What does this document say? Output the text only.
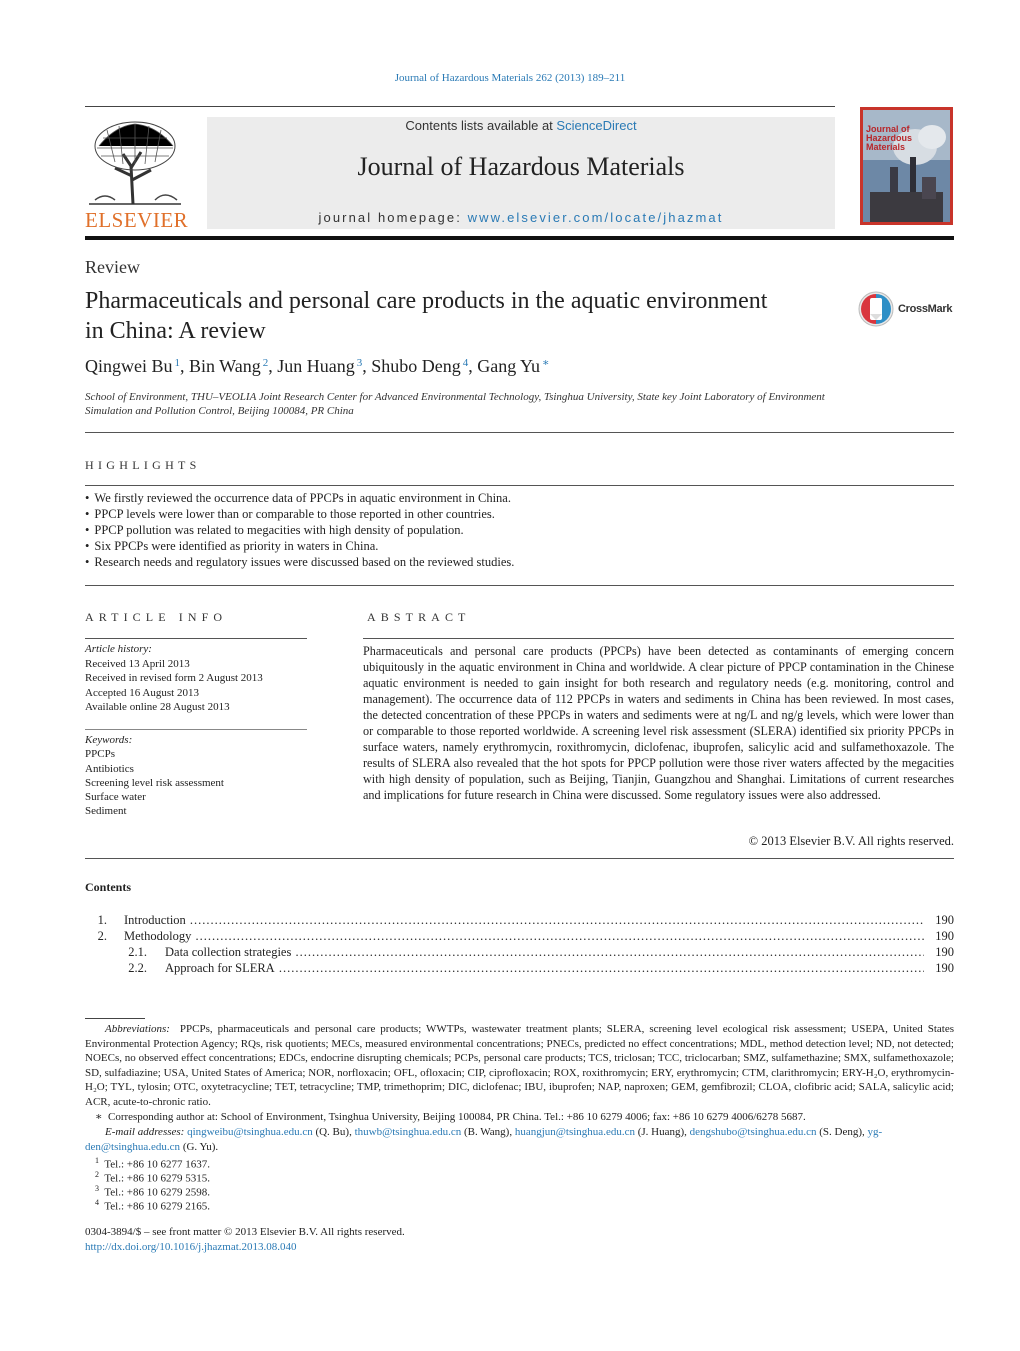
Journal of Hazardous Materials 262 (2013) 189–211
ELSEVIER
Contents lists available at ScienceDirect
Journal of Hazardous Materials
journal homepage: www.elsevier.com/locate/jhazmat
Journal of Hazardous Materials
Review
Pharmaceuticals and personal care products in the aquatic environment in China: A review
CrossMark
Qingwei Bu $^1$, Bin Wang $^2$, Jun Huang $^3$, Shubo Deng $^4$, Gang Yu ∗
School of Environment, THU–VEOLIA Joint Research Center for Advanced Environmental Technology, Tsinghua University, State key Joint Laboratory of Environment Simulation and Pollution Control, Beijing 100084, PR China
HIGHLIGHTS
• We firstly reviewed the occurrence data of PPCPs in aquatic environment in China.
• PPCP levels were lower than or comparable to those reported in other countries.
• PPCP pollution was related to megacities with high density of population.
• Six PPCPs were identified as priority in waters in China.
• Research needs and regulatory issues were discussed based on the reviewed studies.
ARTICLE INFO
Article history:
Received 13 April 2013
Received in revised form 2 August 2013
Accepted 16 August 2013
Available online 28 August 2013
Keywords:
PPCPs
Antibiotics
Screening level risk assessment
Surface water
Sediment
ABSTRACT
Pharmaceuticals and personal care products (PPCPs) have been detected as contaminants of emerging concern ubiquitously in the aquatic environment in China and worldwide. A clear picture of PPCP contamination in the Chinese aquatic environment is needed to gain insight for both research and regulatory needs (e.g. monitoring, control and management). The occurrence data of 112 PPCPs in waters and sediments in China has been reviewed. In most cases, the detected concentration of these PPCPs in waters and sediments were at ng/L and ng/g levels, which were lower than or comparable to those reported worldwide. A screening level risk assessment (SLERA) identified six priority PPCPs in surface waters, namely erythromycin, roxithromycin, diclofenac, ibuprofen, salicylic acid and sulfamethoxazole. The results of SLERA also revealed that the hot spots for PPCP pollution were those river waters affected by the megacities with high density of population, such as Beijing, Tianjin, Guangzhou and Shanghai. Limitations of current researches and implications for future research in China were discussed. Some regulatory issues were also addressed.
© 2013 Elsevier B.V. All rights reserved.
Contents
1. Introduction .....	190
2. Methodology .....	190
2.1. Data collection strategies .....	190
2.2. Approach for SLERA .....	190
Abbreviations: PPCPs, pharmaceuticals and personal care products; WWTPs, wastewater treatment plants; SLERA, screening level ecological risk assessment; USEPA, United States Environmental Protection Agency; RQs, risk quotients; MECs, measured environmental concentrations; PNECs, predicted no effect concentrations; MDL, method detection level; ND, not detected; NOECs, no observed effect concentrations; EDCs, endocrine disrupting chemicals; PCPs, personal care products; TCS, triclosan; TCC, triclocarban; SMZ, sulfamethazine; SMX, sulfamethoxazole; SD, sulfadiazine; USA, United States of America; NOR, norfloxacin; OFL, ofloxacin; CIP, ciprofloxacin; ROX, roxithromycin; ERY, erythromycin; CTM, clarithromycin; ERY-H₂O, erythromycin-H₂O; TYL, tylosin; OTC, oxytetracycline; TET, tetracycline; TMP, trimethoprim; DIC, diclofenac; IBU, ibuprofen; NAP, naproxen; GEM, gemfibrozil; CLOA, clofibric acid; SALA, salicylic acid; ACR, acute-to-chronic ratio.
∗  Corresponding author at: School of Environment, Tsinghua University, Beijing 100084, PR China. Tel.: +86 10 6279 4006; fax: +86 10 6279 4006/6278 5687.
E-mail addresses: qingweibu@tsinghua.edu.cn (Q. Bu), thuwb@tsinghua.edu.cn (B. Wang), huangjun@tsinghua.edu.cn (J. Huang), dengshubo@tsinghua.edu.cn (S. Deng), yg-den@tsinghua.edu.cn (G. Yu).
$^1$ Tel.: +86 10 6277 1637.
$^2$ Tel.: +86 10 6279 5315.
$^3$ Tel.: +86 10 6279 2598.
$^4$ Tel.: +86 10 6279 2165.
0304-3894/$ – see front matter © 2013 Elsevier B.V. All rights reserved.
http://dx.doi.org/10.1016/j.jhazmat.2013.08.040
